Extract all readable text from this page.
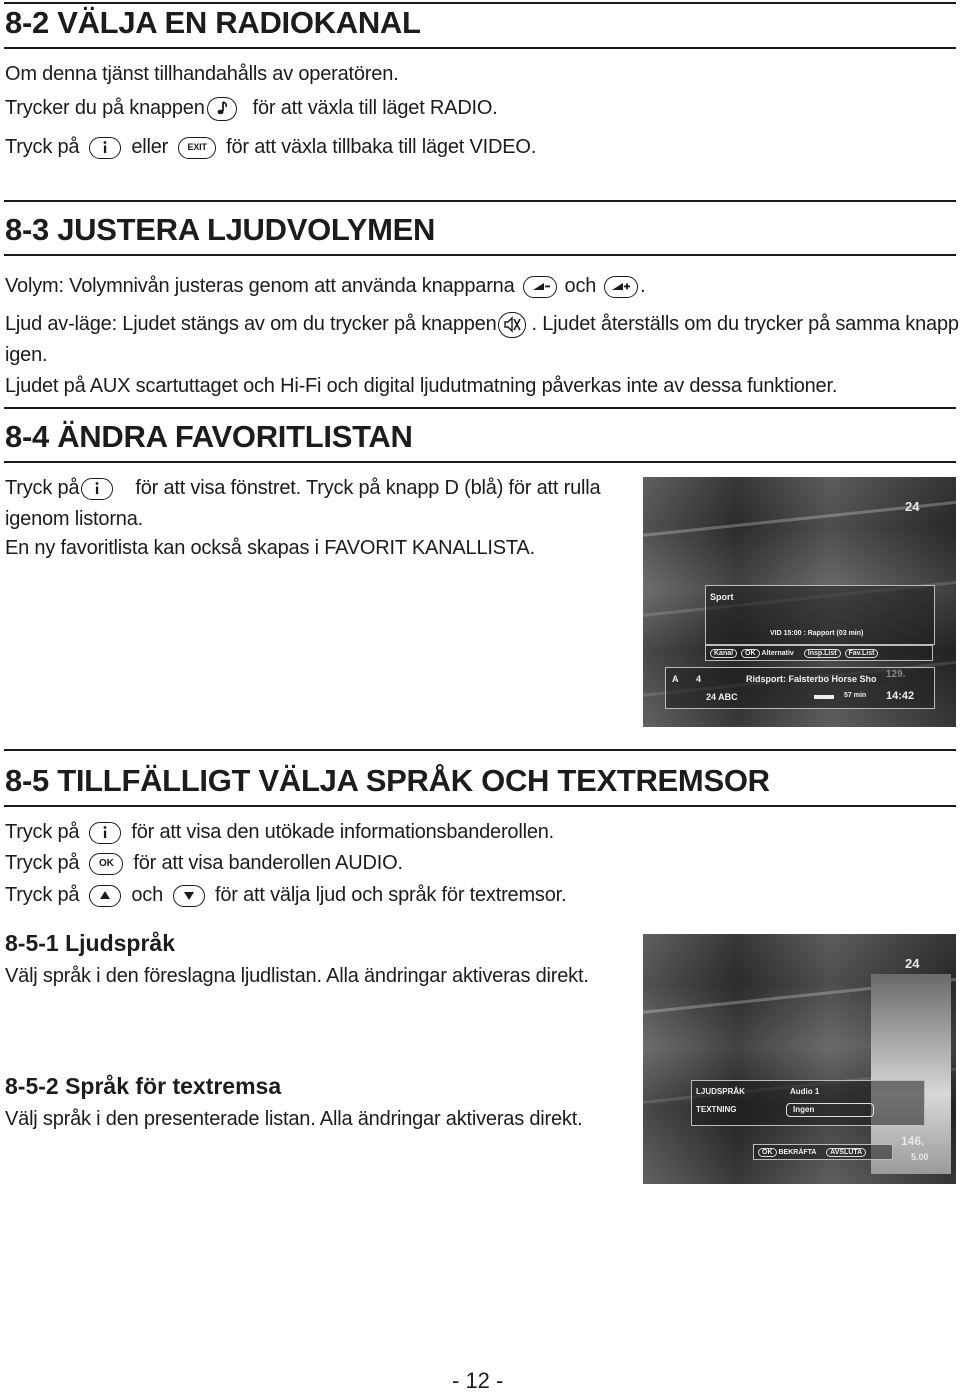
8-2 VÄLJA EN RADIOKANAL
Om denna tjänst tillhandahålls av operatören.
Trycker du på knappen för att växla till läget RADIO.
Tryck på	eller EXIT för att växla tillbaka till läget VIDEO.
8-3 JUSTERA LJUDVOLYMEN
Volym: Volymnivån justeras genom att använda knapparna	och .
Ljud av-läge: Ljudet stängs av om du trycker på knappen . Ljudet återställs om du trycker på samma knapp
igen.
Ljudet på AUX scartuttaget och Hi-Fi och digital ljudutmatning påverkas inte av dessa funktioner.
8-4 ÄNDRA FAVORITLISTAN
Tryck på	för att visa fönstret. Tryck på knapp D (blå) för att rulla
igenom listorna.
En ny favoritlista kan också skapas i FAVORIT KANALLISTA.
24
Sport
VID 15:00 : Rapport (03 min)
Kanal OK Alternativ Insp.List Fav.List
A 4	Ridsport: Falsterbo Horse Sho
24 ABC	57 min 14:42
129.
8-5 TILLFÄLLIGT VÄLJA SPRÅK OCH TEXTREMSOR
Tryck på	för att visa den utökade informationsbanderollen.
Tryck på OK för att visa banderollen AUDIO.
Tryck på	och	för att välja ljud och språk för textremsor.
8-5-1 Ljudspråk
Välj språk i den föreslagna ljudlistan. Alla ändringar aktiveras direkt.
8-5-2 Språk för textremsa
Välj språk i den presenterade listan. Alla ändringar aktiveras direkt.
24
LJUDSPRÅK	Audio 1
TEXTNING	Ingen
OK BEKRÄFTA AVSLUTA
146.
5.00
- 12 -
